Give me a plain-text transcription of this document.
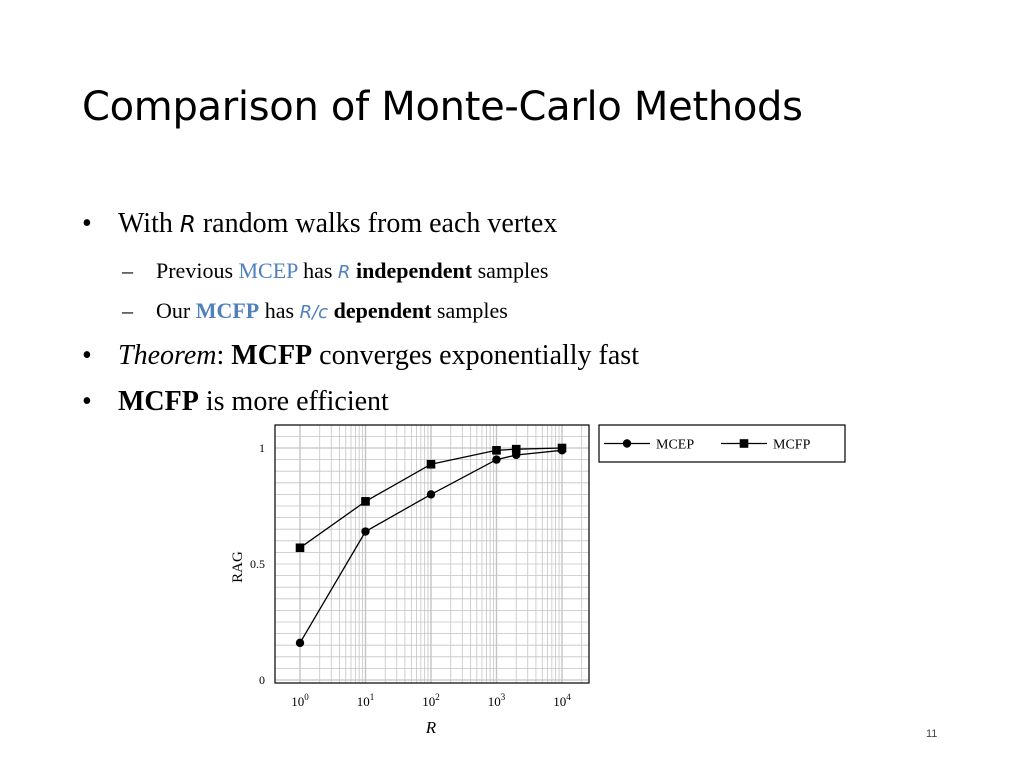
Comparison of Monte-Carlo Methods
• With R random walks from each vertex
– Previous MCEP has R independent samples
– Our MCFP has R/c dependent samples
• Theorem: MCFP converges exponentially fast
• MCFP is more efficient
0
0.5
1
$10^0$	$10^1$	$10^2$	$10^3$	$10^4$
RAG
R
MCEP	MCFP
11
